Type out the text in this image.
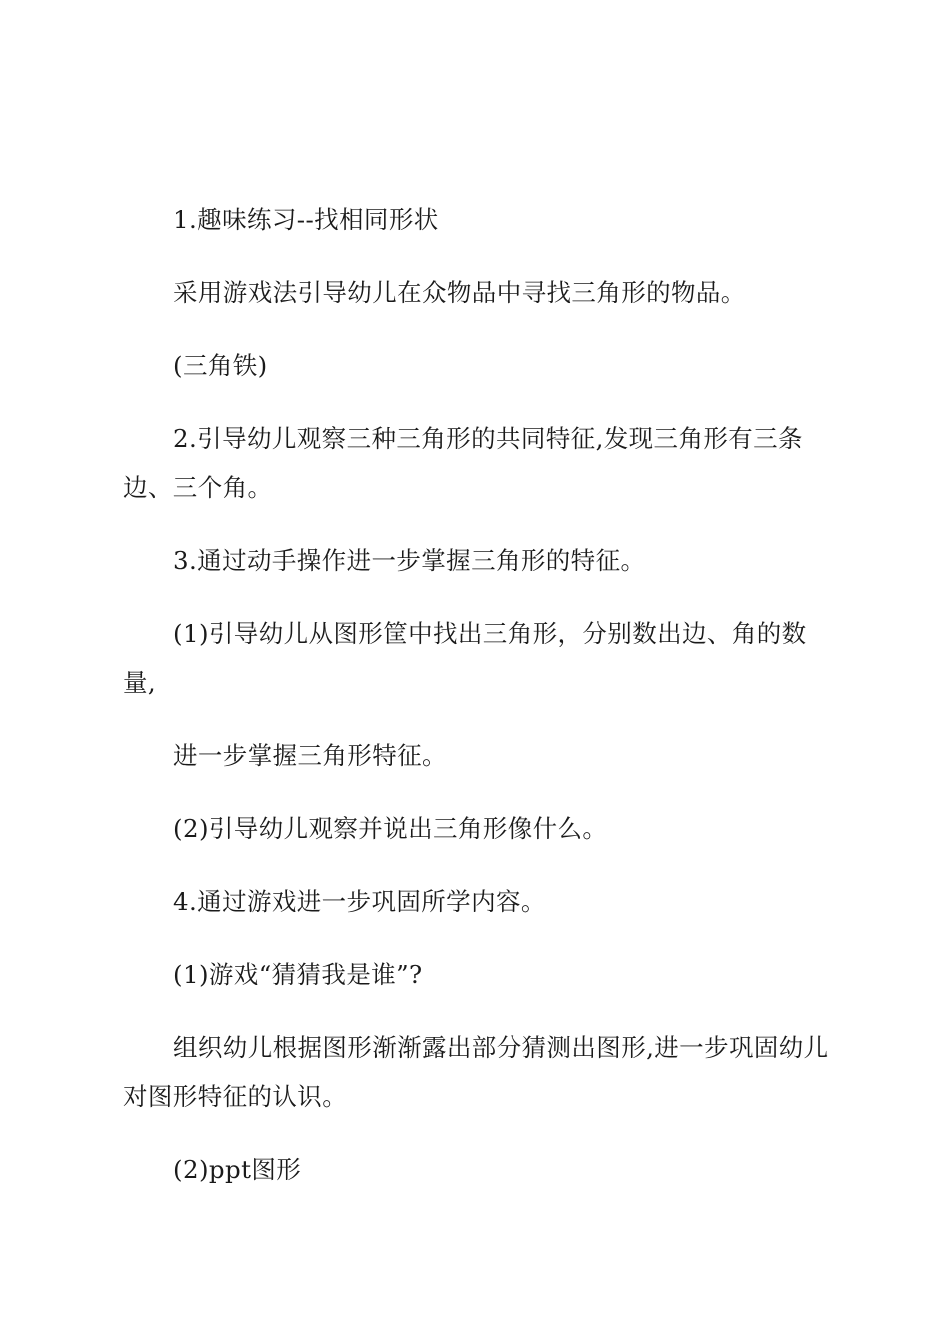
1.趣味练习--找相同形状

采用游戏法引导幼儿在众物品中寻找三角形的物品。

(三角铁)

2.引导幼儿观察三种三角形的共同特征,发现三角形有三条边、三个角。

3.通过动手操作进一步掌握三角形的特征。

(1)引导幼儿从图形筐中找出三角形，分别数出边、角的数量,

进一步掌握三角形特征。

(2)引导幼儿观察并说出三角形像什么。

4.通过游戏进一步巩固所学内容。

(1)游戏“猜猜我是谁”?

组织幼儿根据图形渐渐露出部分猜测出图形,进一步巩固幼儿对图形特征的认识。

(2)ppt图形
